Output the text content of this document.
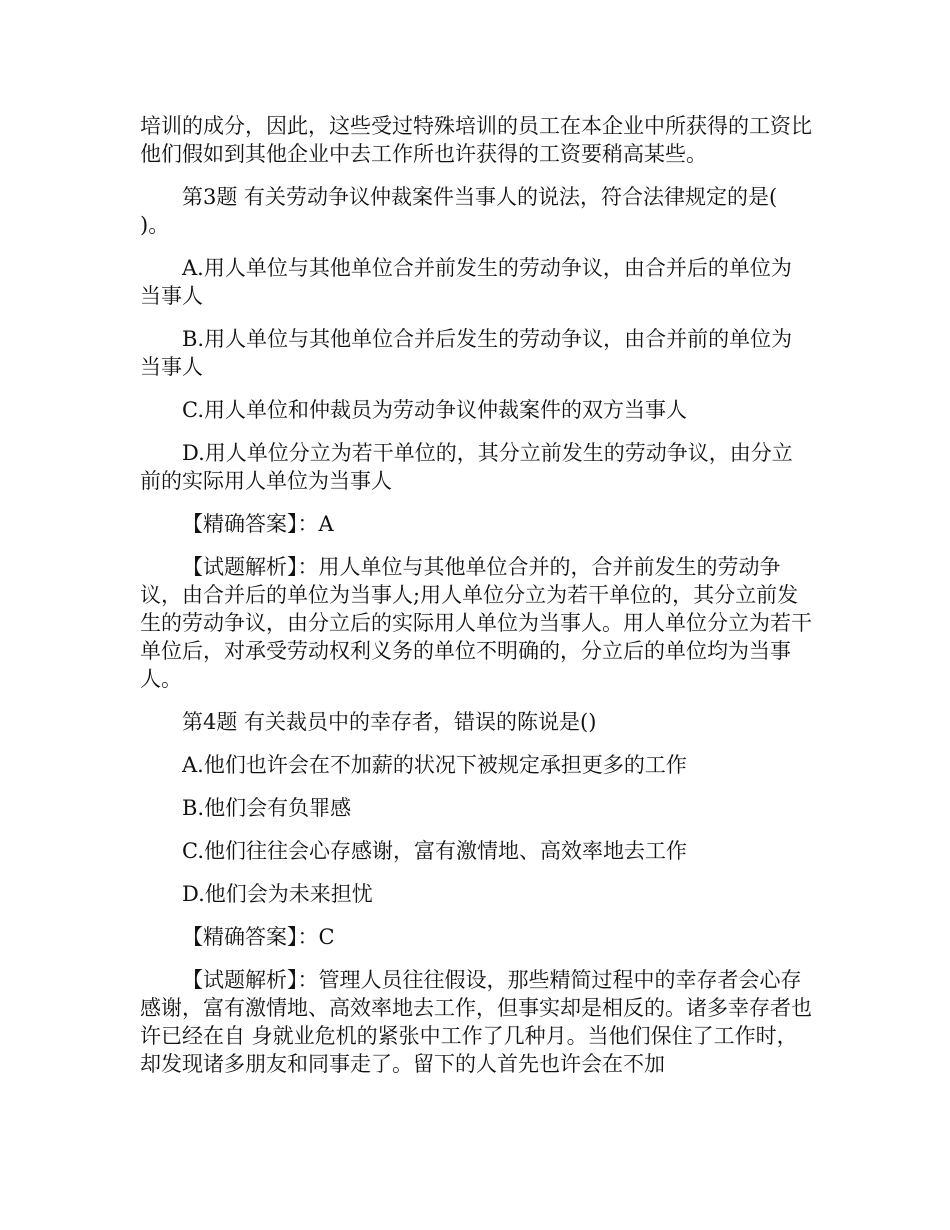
培训的成分，因此，这些受过特殊培训的员工在本企业中所获得的工资比他们假如到其他企业中去工作所也许获得的工资要稍高某些。

第3题 有关劳动争议仲裁案件当事人的说法，符合法律规定的是(　　)。

A.用人单位与其他单位合并前发生的劳动争议，由合并后的单位为当事人

B.用人单位与其他单位合并后发生的劳动争议，由合并前的单位为当事人

C.用人单位和仲裁员为劳动争议仲裁案件的双方当事人

D.用人单位分立为若干单位的，其分立前发生的劳动争议，由分立前的实际用人单位为当事人

【精确答案】：A

【试题解析】：用人单位与其他单位合并的，合并前发生的劳动争议，由合并后的单位为当事人;用人单位分立为若干单位的，其分立前发生的劳动争议，由分立后的实际用人单位为当事人。用人单位分立为若干单位后，对承受劳动权利义务的单位不明确的，分立后的单位均为当事人。

第4题 有关裁员中的幸存者，错误的陈说是()

A.他们也许会在不加薪的状况下被规定承担更多的工作

B.他们会有负罪感

C.他们往往会心存感谢，富有激情地、高效率地去工作

D.他们会为未来担忧

【精确答案】：C

【试题解析】：管理人员往往假设，那些精简过程中的幸存者会心存感谢，富有激情地、高效率地去工作，但事实却是相反的。诸多幸存者也许已经在自 身就业危机的紧张中工作了几种月。当他们保住了工作时，却发现诸多朋友和同事走了。留下的人首先也许会在不加
